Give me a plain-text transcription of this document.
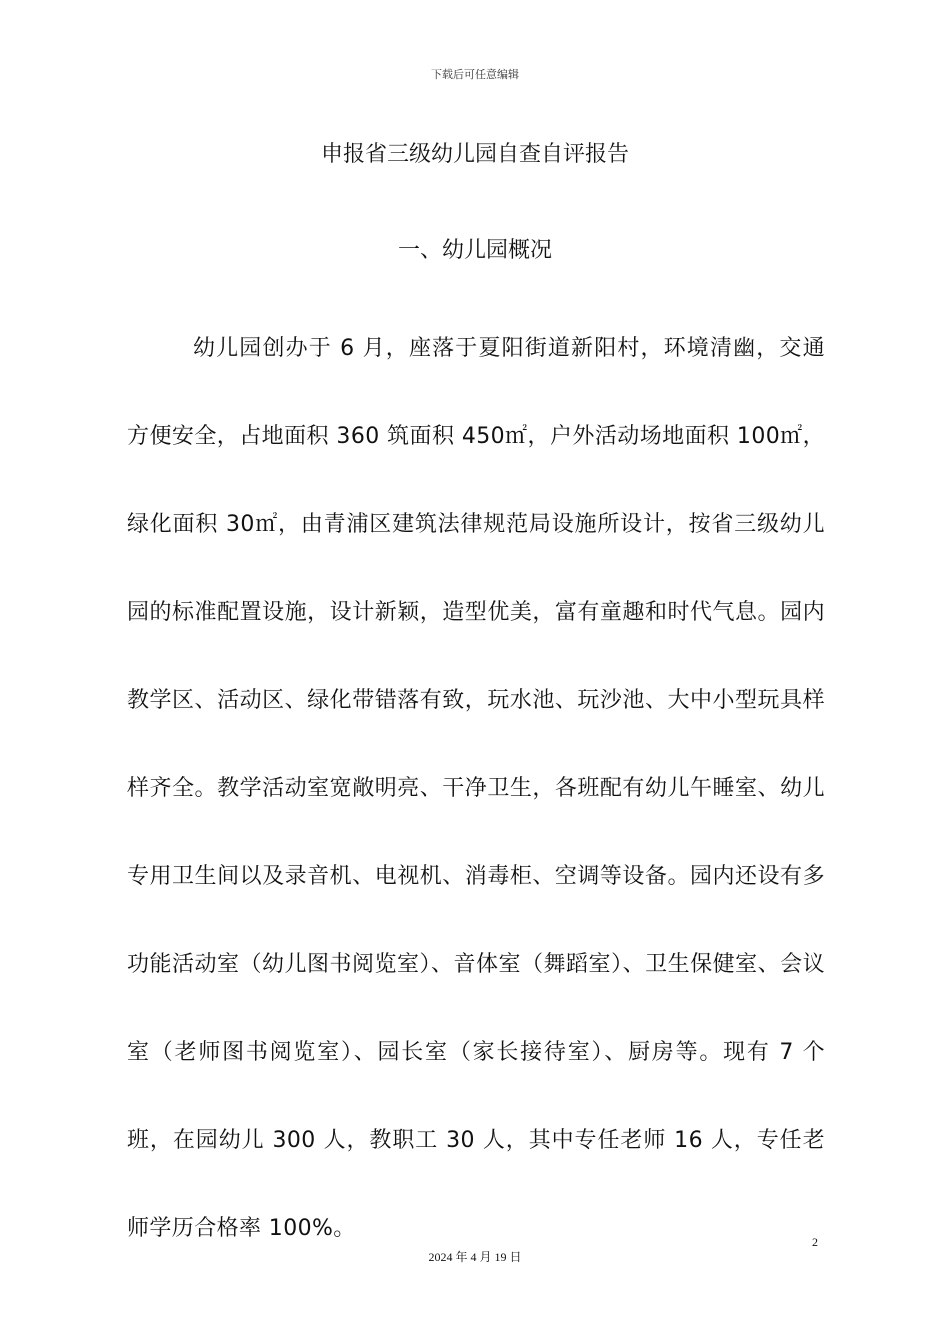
下载后可任意编辑
申报省三级幼儿园自查自评报告
一、幼儿园概况

幼儿园创办于 6 月，座落于夏阳街道新阳村，环境清幽，交通方便安全，占地面积 360 筑面积 450㎡，户外活动场地面积 100㎡，绿化面积 30㎡，由青浦区建筑法律规范局设施所设计，按省三级幼儿园的标准配置设施，设计新颖，造型优美，富有童趣和时代气息。园内教学区、活动区、绿化带错落有致，玩水池、玩沙池、大中小型玩具样样齐全。教学活动室宽敞明亮、干净卫生，各班配有幼儿午睡室、幼儿专用卫生间以及录音机、电视机、消毒柜、空调等设备。园内还设有多功能活动室（幼儿图书阅览室）、音体室（舞蹈室）、卫生保健室、会议室（老师图书阅览室）、园长室（家长接待室）、厨房等。现有 7 个班，在园幼儿 300 人，教职工 30 人，其中专任老师 16 人，专任老师学历合格率 100%。

2
2024 年 4 月 19 日
